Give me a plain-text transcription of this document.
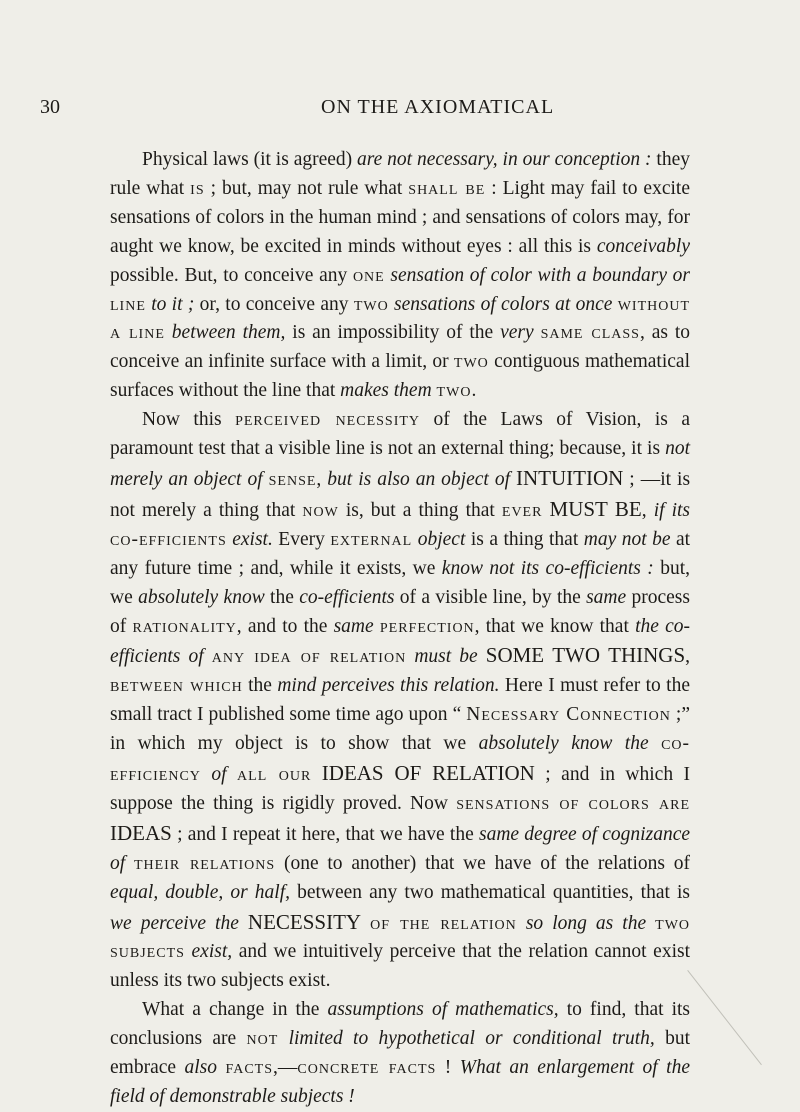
30	ON THE AXIOMATICAL

Physical laws (it is agreed) are not necessary, in our conception : they rule what is ; but, may not rule what shall be : Light may fail to excite sensations of colors in the human mind ; and sensations of colors may, for aught we know, be excited in minds without eyes : all this is conceivably possible. But, to conceive any one sensation of color with a boundary or line to it ; or, to conceive any two sensations of colors at once without a line between them, is an impossibility of the very same class, as to conceive an infinite surface with a limit, or two contiguous mathematical surfaces without the line that makes them two.

Now this perceived necessity of the Laws of Vision, is a paramount test that a visible line is not an external thing; because, it is not merely an object of sense, but is also an object of INTUITION ; —it is not merely a thing that now is, but a thing that ever MUST BE, if its co-efficients exist. Every external object is a thing that may not be at any future time ; and, while it exists, we know not its co-efficients : but, we absolutely know the co-efficients of a visible line, by the same process of rationality, and to the same perfection, that we know that the co-efficients of any idea of relation must be SOME TWO THINGS, between which the mind perceives this relation. Here I must refer to the small tract I published some time ago upon “ Necessary Connection ;” in which my object is to show that we absolutely know the co-efficiency of all our IDEAS OF RELATION ; and in which I suppose the thing is rigidly proved. Now sensations of colors are IDEAS ; and I repeat it here, that we have the same degree of cognizance of their relations (one to another) that we have of the relations of equal, double, or half, between any two mathematical quantities, that is we perceive the NECESSITY of the relation so long as the two subjects exist, and we intuitively perceive that the relation cannot exist unless its two subjects exist.

What a change in the assumptions of mathematics, to find, that its conclusions are not limited to hypothetical or conditional truth, but embrace also facts,—concrete facts ! What an enlargement of the field of demonstrable subjects !
